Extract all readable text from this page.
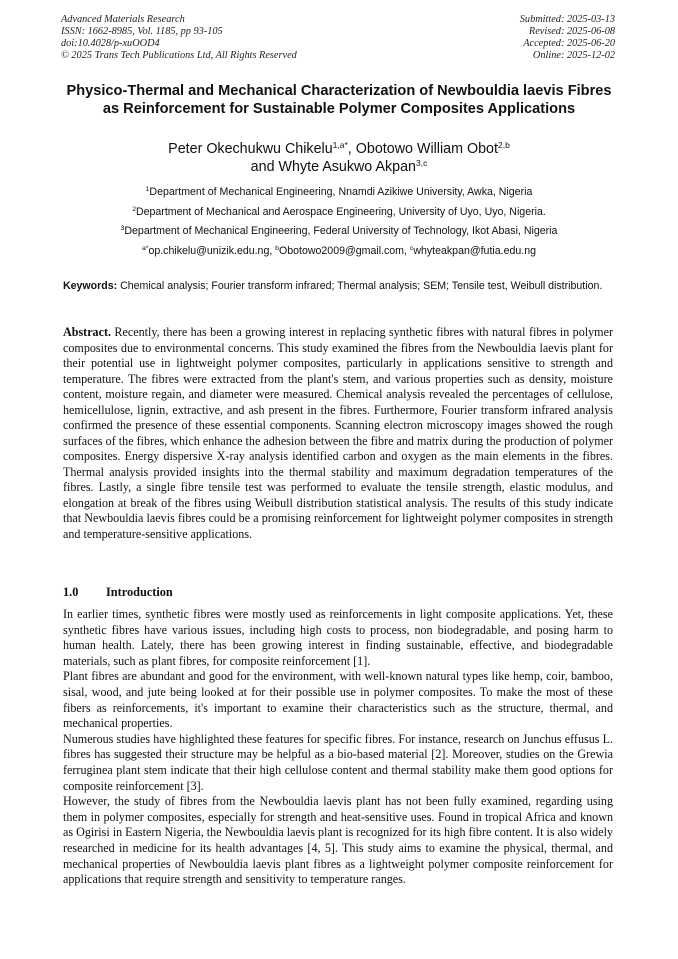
Advanced Materials Research
ISSN: 1662-8985, Vol. 1185, pp 93-105
doi:10.4028/p-xuOOD4
© 2025 Trans Tech Publications Ltd, All Rights Reserved
Submitted: 2025-03-13
Revised: 2025-06-08
Accepted: 2025-06-20
Online: 2025-12-02
Physico-Thermal and Mechanical Characterization of Newbouldia laevis Fibres as Reinforcement for Sustainable Polymer Composites Applications
Peter Okechukwu Chikelu$^{1,a*}$, Obotowo William Obot$^{2,b}$
and Whyte Asukwo Akpan$^{3,c}$
$^1$Department of Mechanical Engineering, Nnamdi Azikiwe University, Awka, Nigeria
$^2$Department of Mechanical and Aerospace Engineering, University of Uyo, Uyo, Nigeria.
$^3$Department of Mechanical Engineering, Federal University of Technology, Ikot Abasi, Nigeria
$^{a*}$op.chikelu@unizik.edu.ng, $^b$Obotowo2009@gmail.com, $^c$whyteakpan@futia.edu.ng
Keywords: Chemical analysis; Fourier transform infrared; Thermal analysis; SEM; Tensile test, Weibull distribution.
Abstract. Recently, there has been a growing interest in replacing synthetic fibres with natural fibres in polymer composites due to environmental concerns. This study examined the fibres from the Newbouldia laevis plant for their potential use in lightweight polymer composites, particularly in applications sensitive to strength and temperature. The fibres were extracted from the plant's stem, and various properties such as density, moisture content, moisture regain, and diameter were measured. Chemical analysis revealed the percentages of cellulose, hemicellulose, lignin, extractive, and ash present in the fibres. Furthermore, Fourier transform infrared analysis confirmed the presence of these essential components. Scanning electron microscopy images showed the rough surfaces of the fibres, which enhance the adhesion between the fibre and matrix during the production of polymer composites. Energy dispersive X-ray analysis identified carbon and oxygen as the main elements in the fibres. Thermal analysis provided insights into the thermal stability and maximum degradation temperatures of the fibres. Lastly, a single fibre tensile test was performed to evaluate the tensile strength, elastic modulus, and elongation at break of the fibres using Weibull distribution statistical analysis. The results of this study indicate that Newbouldia laevis fibres could be a promising reinforcement for lightweight polymer composites in strength and temperature-sensitive applications.
1.0 Introduction

In earlier times, synthetic fibres were mostly used as reinforcements in light composite applications. Yet, these synthetic fibres have various issues, including high costs to process, non biodegradable, and posing harm to human health. Lately, there has been growing interest in finding sustainable, effective, and biodegradable materials, such as plant fibres, for composite reinforcement [1].

Plant fibres are abundant and good for the environment, with well-known natural types like hemp, coir, bamboo, sisal, wood, and jute being looked at for their possible use in polymer composites. To make the most of these fibers as reinforcements, it's important to examine their characteristics such as the structure, thermal, and mechanical properties.

Numerous studies have highlighted these features for specific fibres. For instance, research on Junchus effusus L. fibres has suggested their structure may be helpful as a bio-based material [2]. Moreover, studies on the Grewia ferruginea plant stem indicate that their high cellulose content and thermal stability make them good options for composite reinforcement [3].

However, the study of fibres from the Newbouldia laevis plant has not been fully examined, regarding using them in polymer composites, especially for strength and heat-sensitive uses. Found in tropical Africa and known as Ogirisi in Eastern Nigeria, the Newbouldia laevis plant is recognized for its high fibre content. It is also widely researched in medicine for its health advantages [4, 5]. This study aims to examine the physical, thermal, and mechanical properties of Newbouldia laevis plant fibres as a lightweight polymer composite reinforcement for applications that require strength and sensitivity to temperature ranges.
